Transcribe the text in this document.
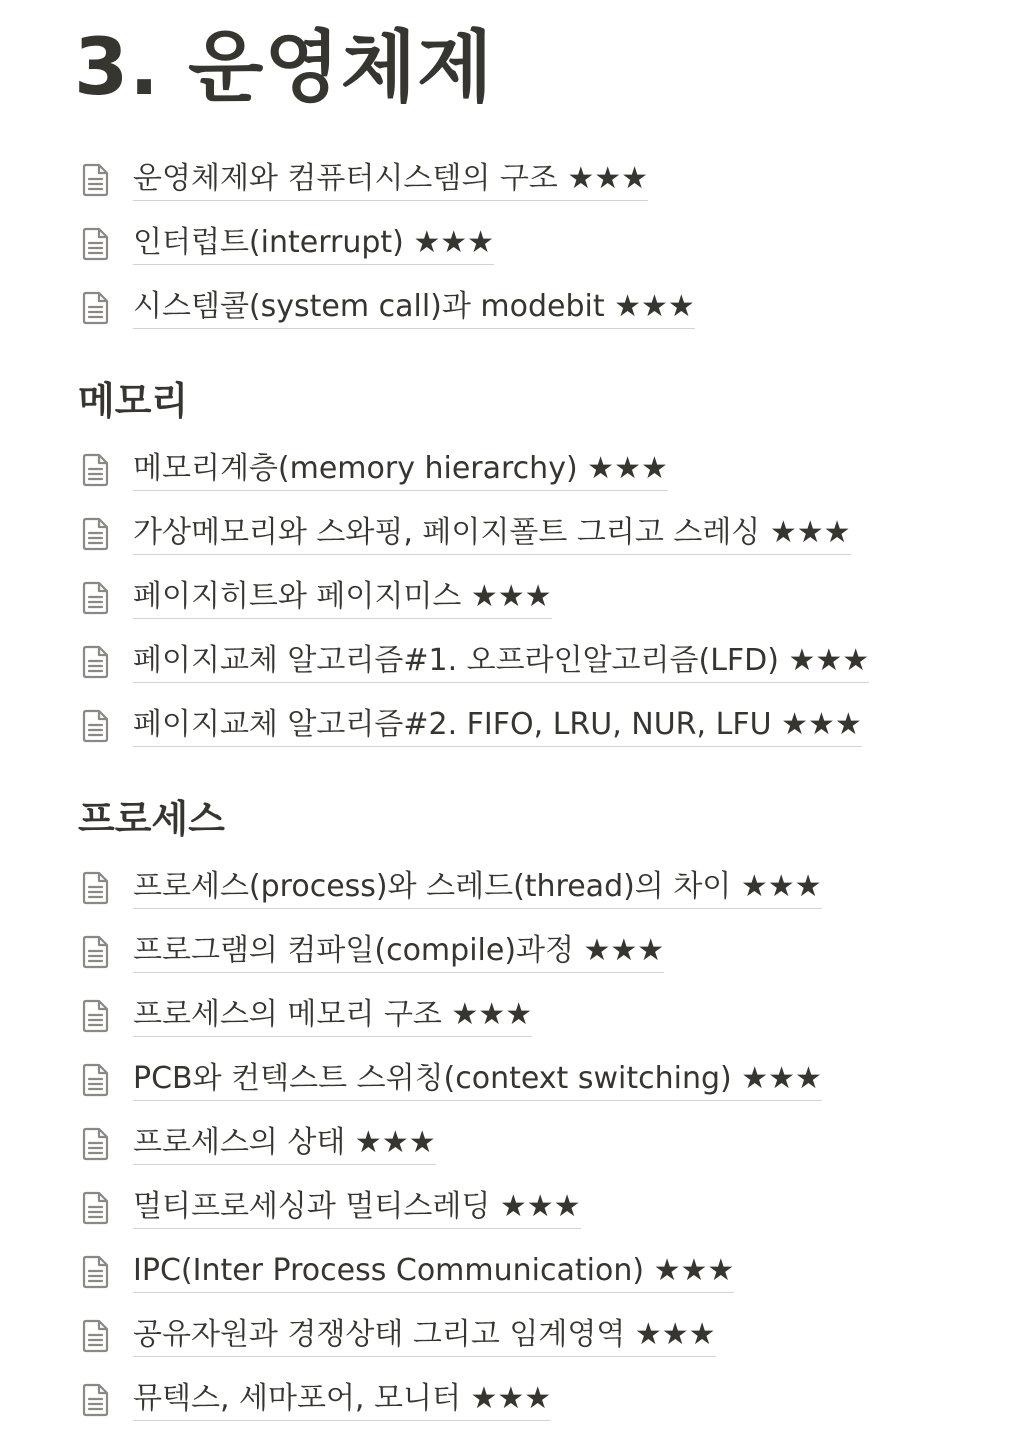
3. 운영체제
운영체제와 컴퓨터시스템의 구조 ★★★
인터럽트(interrupt) ★★★
시스템콜(system call)과 modebit ★★★
메모리
메모리계층(memory hierarchy) ★★★
가상메모리와 스와핑, 페이지폴트 그리고 스레싱 ★★★
페이지히트와 페이지미스 ★★★
페이지교체 알고리즘#1. 오프라인알고리즘(LFD) ★★★
페이지교체 알고리즘#2. FIFO, LRU, NUR, LFU ★★★
프로세스
프로세스(process)와 스레드(thread)의 차이 ★★★
프로그램의 컴파일(compile)과정 ★★★
프로세스의 메모리 구조 ★★★
PCB와 컨텍스트 스위칭(context switching) ★★★
프로세스의 상태 ★★★
멀티프로세싱과 멀티스레딩 ★★★
IPC(Inter Process Communication) ★★★
공유자원과 경쟁상태 그리고 임계영역 ★★★
뮤텍스, 세마포어, 모니터 ★★★
